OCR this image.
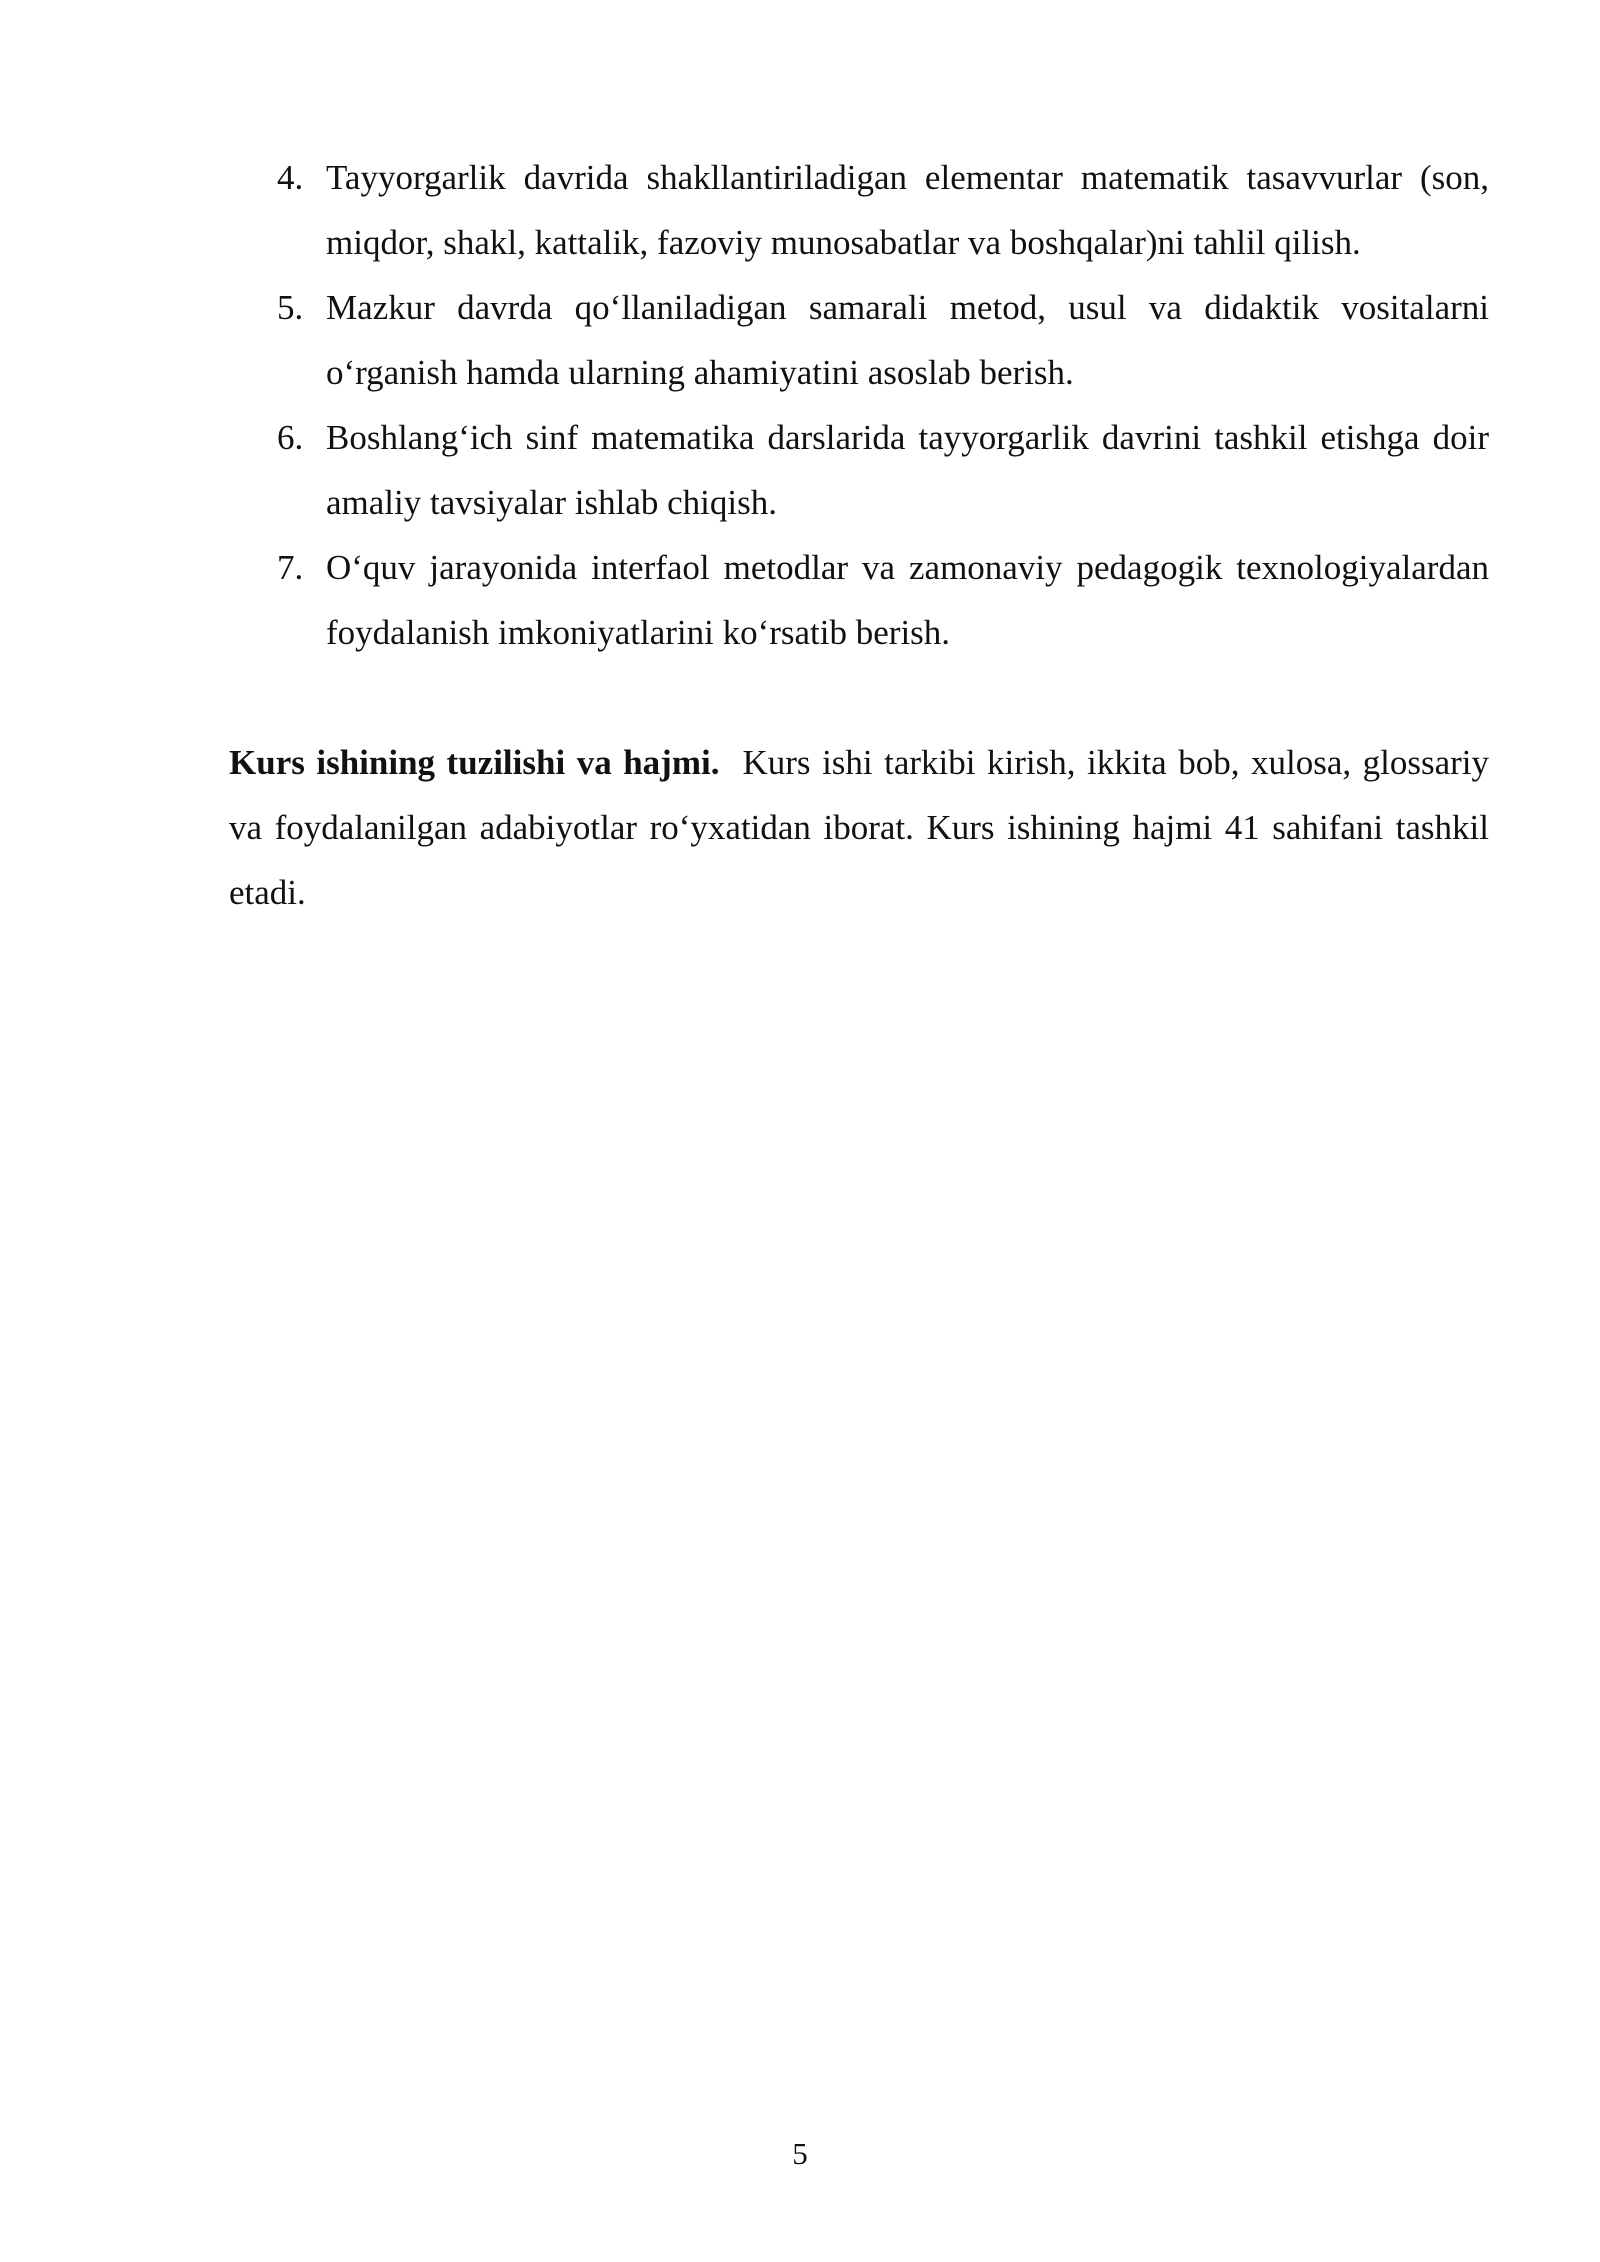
4. Tayyorgarlik davrida shakllantiriladigan elementar matematik tasavvurlar (son, miqdor, shakl, kattalik, fazoviy munosabatlar va boshqalar)ni tahlil qilish.
5. Mazkur davrda qo‘llaniladigan samarali metod, usul va didaktik vositalarni o‘rganish hamda ularning ahamiyatini asoslab berish.
6. Boshlang‘ich sinf matematika darslarida tayyorgarlik davrini tashkil etishga doir amaliy tavsiyalar ishlab chiqish.
7. O‘quv jarayonida interfaol metodlar va zamonaviy pedagogik texnologiyalardan foydalanish imkoniyatlarini ko‘rsatib berish.

Kurs ishining tuzilishi va hajmi. Kurs ishi tarkibi kirish, ikkita bob, xulosa, glossariy va foydalanilgan adabiyotlar ro‘yxatidan iborat. Kurs ishining hajmi 41 sahifani tashkil etadi.

5
